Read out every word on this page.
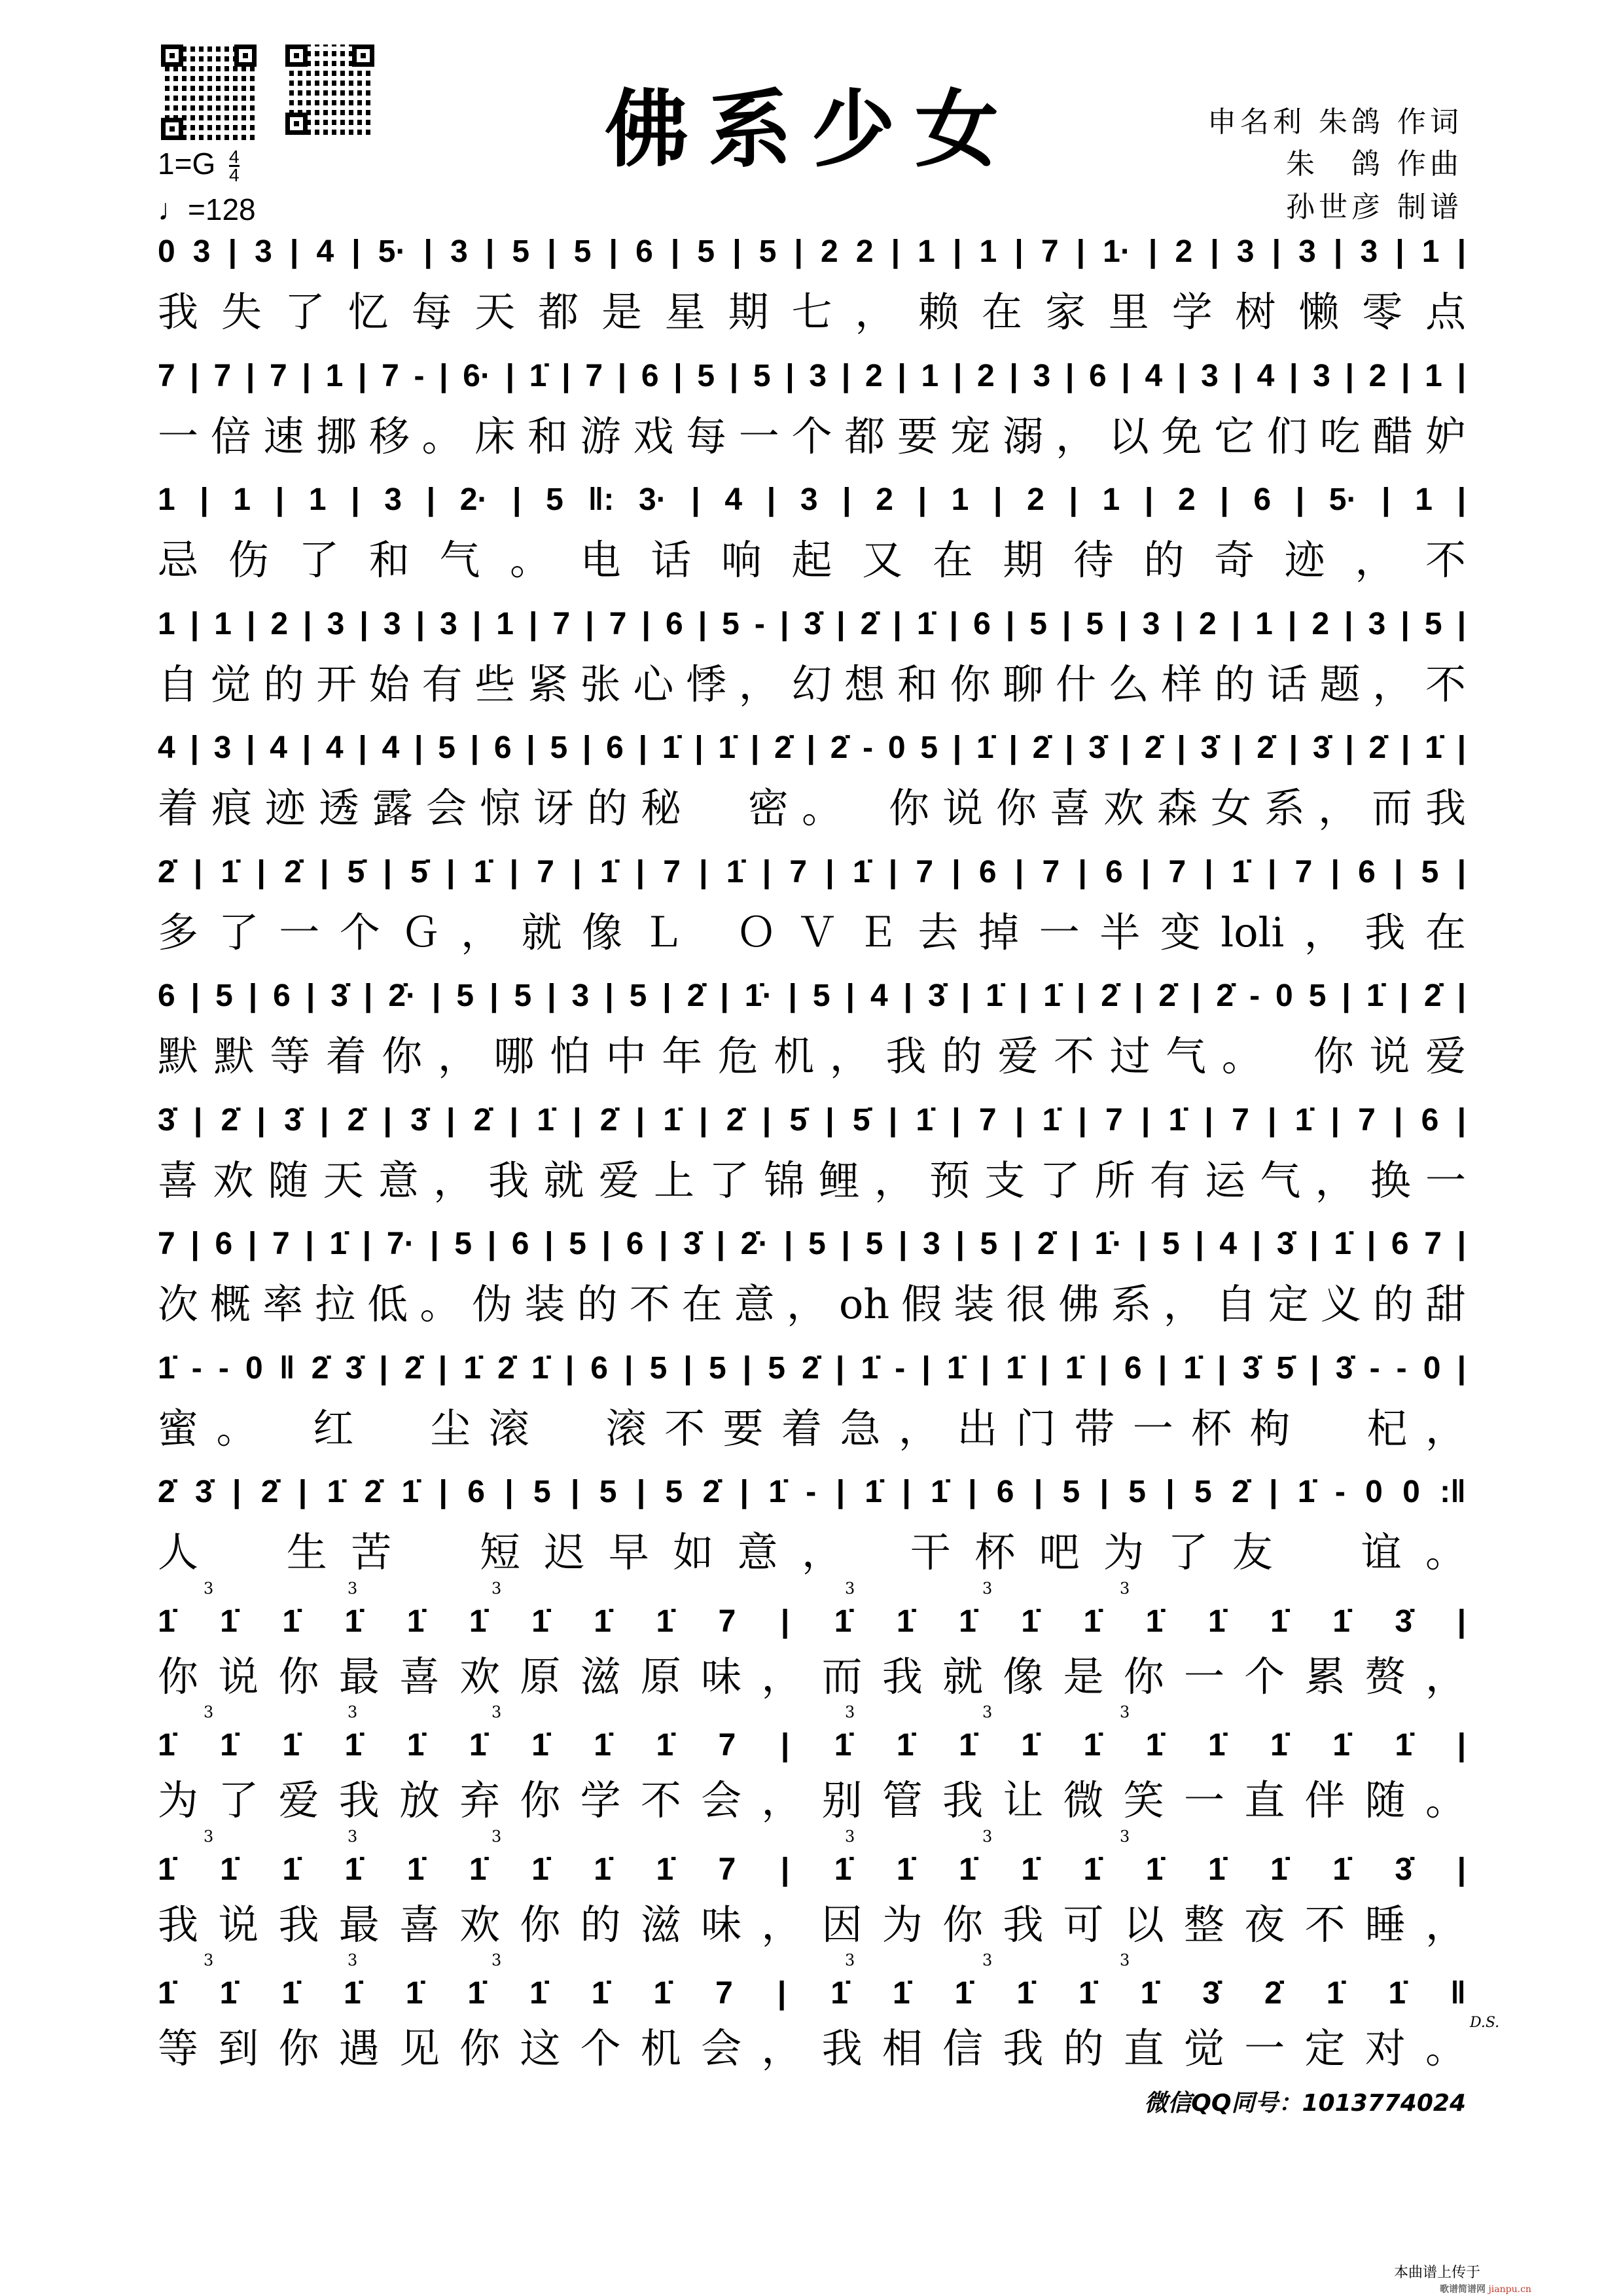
佛系少女	申名利 朱鸽 作词
朱　鸽 作曲
孙世彦 制谱
$1=G \frac{4}{4}$
♩=128
0 3 | 3 | 4 | 5· | 3 | 5 | 5 | 6 | 5 | 5 | 2 2 | 1 | 1 | 7 | 1· | 2 | 3 | 3 | 3 | 1 |
我失了忆每天都是星期七，赖在家里学树懒零点
7 | 7 | 7 | 1 | 7 - | 6· | 1̇ | 7 | 6 | 5 | 5 | 3 | 2 | 1 | 2 | 3 | 6 | 4 | 3 | 4 | 3 | 2 | 1 |
一倍速挪移。床和游戏每一个都要宠溺，以免它们吃醋妒
1 | 1 | 1 | 3 | 2· | 5 ‖: 3· | 4 | 3 | 2 | 1 | 2 | 1 | 2 | 6 | 5· | 1 |
忌伤了和气。电话响起又在期待的奇迹，不
1 | 1 | 2 | 3 | 3 | 3 | 1 | 7 | 7 | 6 | 5 - | 3̇ | 2̇ | 1̇ | 6 | 5 | 5 | 3 | 2 | 1 | 2 | 3 | 5 |
自觉的开始有些紧张心悸，幻想和你聊什么样的话题，不
4 | 3 | 4 | 4 | 4 | 5 | 6 | 5 | 6 | 1̇ | 1̇ | 2̇ | 2̇ - 0 5 | 1̇ | 2̇ | 3̇ | 2̇ | 3̇ | 2̇ | 3̇ | 2̇ | 1̇ |
着痕迹透露会惊讶的秘　密。　你说你喜欢森女系，而我
2̇ | 1̇ | 2̇ | 5̇ | 5̇ | 1̇ | 7 | 1̇ | 7 | 1̇ | 7 | 1̇ | 7 | 6 | 7 | 6 | 7 | 1̇ | 7 | 6 | 5 |
多了一个Ｇ，就像Ｌ ＯＶＥ去掉一半变loli，我在
6 | 5 | 6 | 3̇ | 2̇· | 5 | 5 | 3 | 5 | 2̇ | 1̇· | 5 | 4 | 3̇ | 1̇ | 1̇ | 2̇ | 2̇ | 2̇ - 0 5 | 1̇ | 2̇ |
默默等着你，哪怕中年危机，我的爱不过气。　你说爱
3̇ | 2̇ | 3̇ | 2̇ | 3̇ | 2̇ | 1̇ | 2̇ | 1̇ | 2̇ | 5̇ | 5̇ | 1̇ | 7 | 1̇ | 7 | 1̇ | 7 | 1̇ | 7 | 6 |
喜欢随天意，我就爱上了锦鲤，预支了所有运气，换一
7 | 6 | 7 | 1̇ | 7· | 5 | 6 | 5 | 6 | 3̇ | 2̇· | 5 | 5 | 3 | 5 | 2̇ | 1̇· | 5 | 4 | 3̇ | 1̇ | 6 7 |
次概率拉低。伪装的不在意，oh假装很佛系，自定义的甜
1̇ - - 0 ‖ 2̇ 3̇ | 2̇ | 1̇ 2̇ 1̇ | 6 | 5 | 5 | 5 2̇ | 1̇ - | 1̇ | 1̇ | 1̇ | 6 | 1̇ | 3̇ 5̇ | 3̇ - - 0 |
蜜。　红　尘滚　滚不要着急，出门带一杯枸　杞，
2̇ 3̇ | 2̇ | 1̇ 2̇ 1̇ | 6 | 5 | 5 | 5 2̇ | 1̇ - | 1̇ | 1̇ | 6 | 5 | 5 | 5 2̇ | 1̇ - 0 0 :‖
人　生苦　短迟早如意，　干杯吧为了友　谊。
3	3	3	3	3	3
1̇ 1̇ 1̇ 1̇ 1̇ 1̇ 1̇ 1̇ 1̇ 7 | 1̇ 1̇ 1̇ 1̇ 1̇ 1̇ 1̇ 1̇ 1̇ 3̇ |
你说你最喜欢原滋原味，而我就像是你一个累赘，
3	3	3	3	3	3
1̇ 1̇ 1̇ 1̇ 1̇ 1̇ 1̇ 1̇ 1̇ 7 | 1̇ 1̇ 1̇ 1̇ 1̇ 1̇ 1̇ 1̇ 1̇ 1̇ |
为了爱我放弃你学不会，别管我让微笑一直伴随。
3	3	3	3	3	3
1̇ 1̇ 1̇ 1̇ 1̇ 1̇ 1̇ 1̇ 1̇ 7 | 1̇ 1̇ 1̇ 1̇ 1̇ 1̇ 1̇ 1̇ 1̇ 3̇ |
我说我最喜欢你的滋味，因为你我可以整夜不睡，
3	3	3	3	3	3
1̇ 1̇ 1̇ 1̇ 1̇ 1̇ 1̇ 1̇ 1̇ 7 | 1̇ 1̇ 1̇ 1̇ 1̇ 1̇ 3̇ 2̇ 1̇ 1̇ ‖
等到你遇见你这个机会，我相信我的直觉一定对。
D.S.
微信QQ同号：1013774024
本曲谱上传于
歌谱简谱网 jianpu.cn
